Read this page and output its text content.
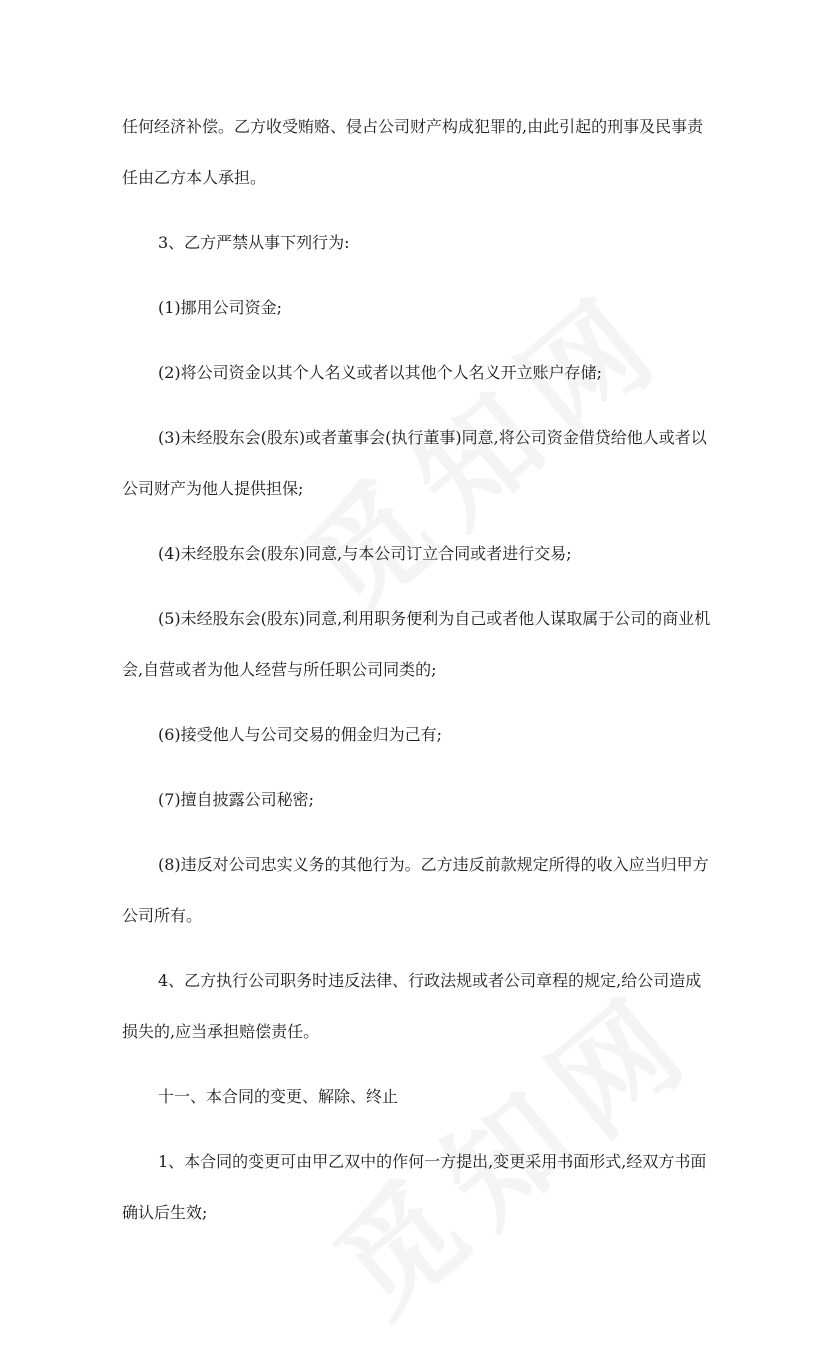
任何经济补偿。乙方收受贿赂、侵占公司财产构成犯罪的,由此引起的刑事及民事责任由乙方本人承担。

3、乙方严禁从事下列行为:

(1)挪用公司资金;

(2)将公司资金以其个人名义或者以其他个人名义开立账户存储;

(3)未经股东会(股东)或者董事会(执行董事)同意,将公司资金借贷给他人或者以公司财产为他人提供担保;

(4)未经股东会(股东)同意,与本公司订立合同或者进行交易;

(5)未经股东会(股东)同意,利用职务便利为自己或者他人谋取属于公司的商业机会,自营或者为他人经营与所任职公司同类的;

(6)接受他人与公司交易的佣金归为己有;

(7)擅自披露公司秘密;

(8)违反对公司忠实义务的其他行为。乙方违反前款规定所得的收入应当归甲方公司所有。

4、乙方执行公司职务时违反法律、行政法规或者公司章程的规定,给公司造成损失的,应当承担赔偿责任。

十一、本合同的变更、解除、终止

1、本合同的变更可由甲乙双中的作何一方提出,变更采用书面形式,经双方书面确认后生效;
